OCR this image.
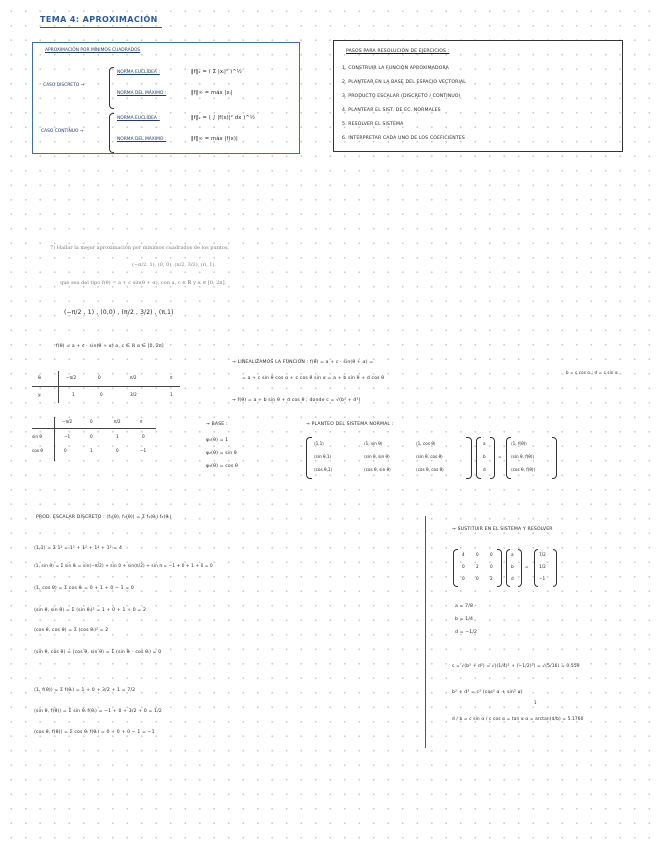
TEMA 4: APROXIMACIÓN
APROXIMACIÓN POR MÍNIMOS CUADRADOS
CASO DISCRETO →
CASO CONTINUO →
NORMA EUCLÍDEA :	‖f‖₂ = ( Σ |xᵢ|² )^½
NORMA DEL MÁXIMO :	‖f‖∞ = máx |xᵢ|
NORMA EUCLÍDEA :	‖f‖₂ = ( ∫ |f(x)|² dx )^½
NORMA DEL MÁXIMO :	‖f‖∞ = máx |f(x)|
PASOS PARA RESOLUCIÓN DE EJERCICIOS :
1. CONSTRUIR LA FUNCIÓN APROXIMADORA
2. PLANTEAR EN LA BASE DEL ESPACIO VECTORIAL
3. PRODUCTO ESCALAR (DISCRETO / CONTINUO)
4. PLANTEAR EL SIST. DE EC. NORMALES
5. RESOLVER EL SISTEMA
6. INTERPRETAR CADA UNO DE LOS COEFICIENTES
7) Hallar la mejor aproximación por mínimos cuadrados de los puntos,
(−π/2, 1), (0, 0), (π/2, 3/2), (π, 1),
que sea del tipo f(θ) = a + c sin(θ + α), con a, c ∈ ℝ y α ∈ [0, 2π].
(−π/2 , 1) , (0,0) , (π/2 , 3/2) , (π,1)
f(θ) = a + c · sin(θ + α) a, c ∈ ℝ α ∈ [0, 2π]
→ LINEALIZAMOS LA FUNCIÓN : f(θ) = a + c · sin(θ + α) =
= a + c sin θ cos α + c cos θ sin α = a + b sin θ + d cos θ
b = c cos α ; d = c sin α
→ f(θ) = a + b sin θ + d cos θ ; donde c = √(b² + d²)
θᵢ	−π/2	0	π/2	π
yᵢ	1	0	3/2	1
−π/2	0	π/2	π
sin θ	−1	0	1	0
cos θ	0	1	0	−1
→ BASE :
φ₁(θ) = 1
φ₂(θ) = sin θ
φ₃(θ) = cos θ
→ PLANTEO DEL SISTEMA NORMAL :
⟨1,1⟩	⟨1, sin θ⟩	⟨1, cos θ⟩
⟨sin θ,1⟩	⟨sin θ, sin θ⟩	⟨sin θ, cos θ⟩
⟨cos θ,1⟩	⟨cos θ, sin θ⟩	⟨cos θ, cos θ⟩
a
b
d
=
⟨1, f(θ)⟩
⟨sin θ, f(θ)⟩
⟨cos θ, f(θ)⟩
PROD. ESCALAR DISCRETO : ⟨f₁(θ), f₂(θ)⟩ = Σ f₁(θᵢ) f₂(θᵢ)
⟨1,1⟩ = Σ 1² = 1² + 1² + 1² + 1² = 4
⟨1, sin θ⟩ = Σ sin θᵢ = sin(−π/2) + sin 0 + sin(π/2) + sin π = −1 + 0 + 1 + 0 = 0
⟨1, cos θ⟩ = Σ cos θᵢ = 0 + 1 + 0 − 1 = 0
⟨sin θ, sin θ⟩ = Σ (sin θᵢ)² = 1 + 0 + 1 + 0 = 2
⟨cos θ, cos θ⟩ = Σ (cos θᵢ)² = 2
⟨sin θ, cos θ⟩ = ⟨cos θ, sin θ⟩ = Σ (sin θᵢ · cos θᵢ) = 0
⟨1, f(θ)⟩ = Σ f(θᵢ) = 1 + 0 + 3/2 + 1 = 7/2
⟨sin θ, f(θ)⟩ = Σ sin θᵢ f(θᵢ) = −1 + 0 + 3/2 + 0 = 1/2
⟨cos θ, f(θ)⟩ = Σ cos θᵢ f(θᵢ) = 0 + 0 + 0 − 1 = −1
→ SUSTITUIR EN EL SISTEMA Y RESOLVER
4	0	0
0	2	0
0	0	2
a
b
d
=
7/2
1/2
−1
a = 7/8
b = 1/4
d = −1/2
c = √(b² + d²) = √((1/4)² + (−1/2)²) = √(5/16) = 0.559
b² + d² = c² (cos² α + sin² α)
1
d / b = c sin α / c cos α = tan α α = arctan(d/b) = 5.1760
